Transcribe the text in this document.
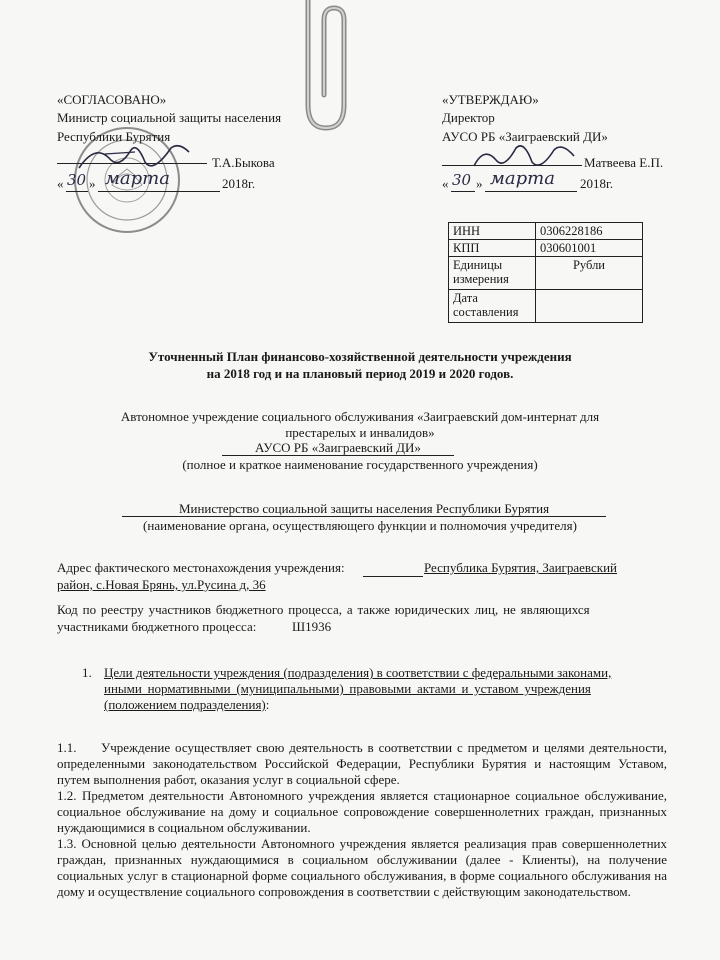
«СОГЛАСОВАНО»
Министр социальной защиты населения
Республики Бурятия
Т.А.Быкова
« 30 » марта	2018г.
«УТВЕРЖДАЮ»
Директор
АУСО РБ «Заиграевский ДИ»
Матвеева Е.П.
« 30 » марта 2018г.
ИНН	0306228186
КПП	030601001
Единицы измерения	Рубли
Дата составления	
Уточненный План финансово-хозяйственной деятельности учреждения
на 2018 год и на плановый период 2019 и 2020 годов.
Автономное учреждение социального обслуживания «Заиграевский дом-интернат для
престарелых и инвалидов»
АУСО РБ «Заиграевский ДИ»
(полное и краткое наименование государственного учреждения)
Министерство социальной защиты населения Республики Бурятия
(наименование органа, осуществляющего функции и полномочия учредителя)
Адрес фактического местонахождения учреждения:	Республика Бурятия, Заиграевский
район, с.Новая Брянь, ул.Русина д, 36
Код по реестру участников бюджетного процесса, а также юридических лиц, не являющихся
участниками бюджетного процесса:	Ш1936
1. Цели деятельности учреждения (подразделения) в соответствии с федеральными законами,
иными нормативными (муниципальными) правовыми актами и уставом учреждения
(положением подразделения):
1.1. Учреждение осуществляет свою деятельность в соответствии с предметом и целями деятельности, определенными законодательством Российской Федерации, Республики Бурятия и настоящим Уставом, путем выполнения работ, оказания услуг в социальной сфере.
1.2. Предметом деятельности Автономного учреждения является стационарное социальное обслуживание, социальное обслуживание на дому и социальное сопровождение совершеннолетних граждан, признанных нуждающимися в социальном обслуживании.
1.3. Основной целью деятельности Автономного учреждения является реализация прав совершеннолетних граждан, признанных нуждающимися в социальном обслуживании (далее - Клиенты), на получение социальных услуг в стационарной форме социального обслуживания, в форме социального обслуживания на дому и осуществление социального сопровождения в соответствии с действующим законодательством.
